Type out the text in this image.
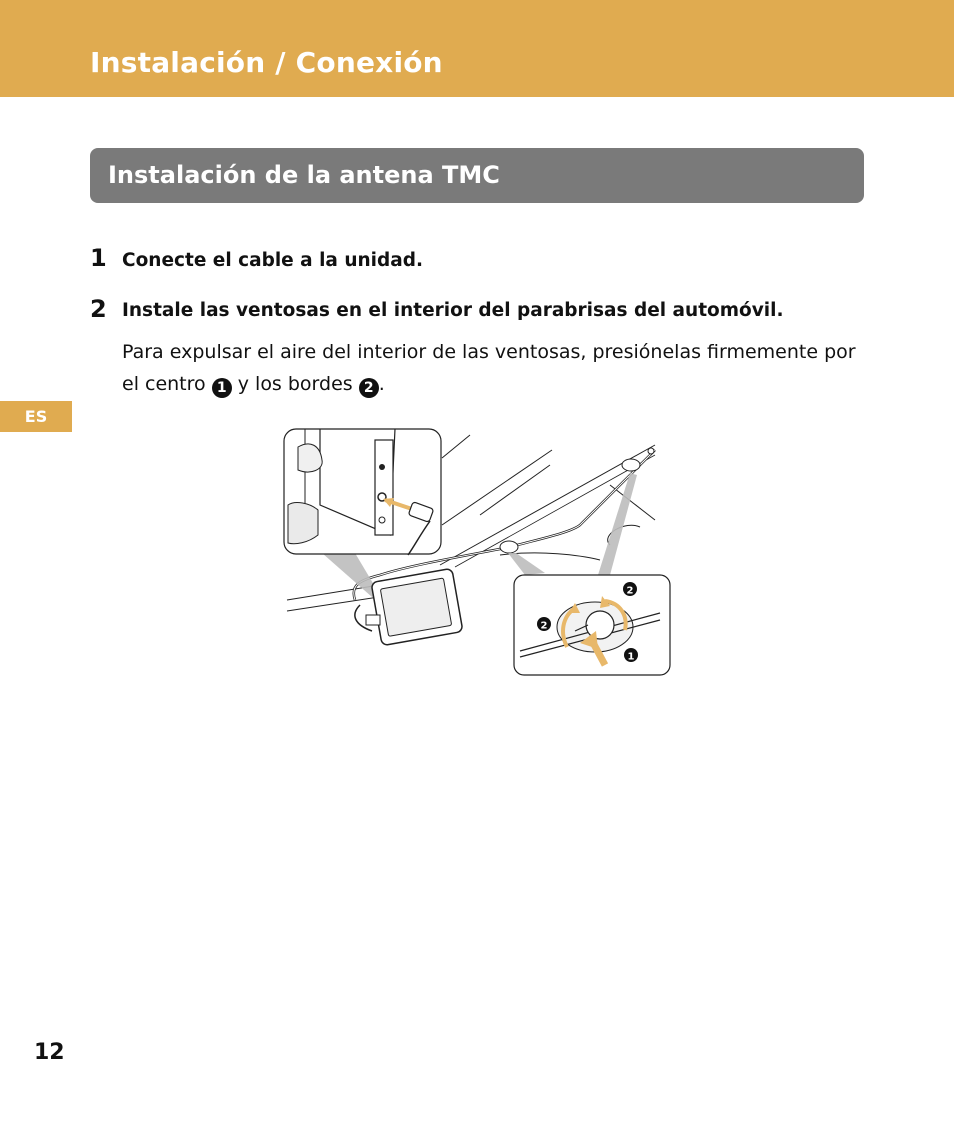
Instalación / Conexión
Instalación de la antena TMC
1 Conecte el cable a la unidad.
2 Instale las ventosas en el interior del parabrisas del automóvil.
Para expulsar el aire del interior de las ventosas, presiónelas firmemente por el centro 1 y los bordes 2 .
ES
2
2
1
12
